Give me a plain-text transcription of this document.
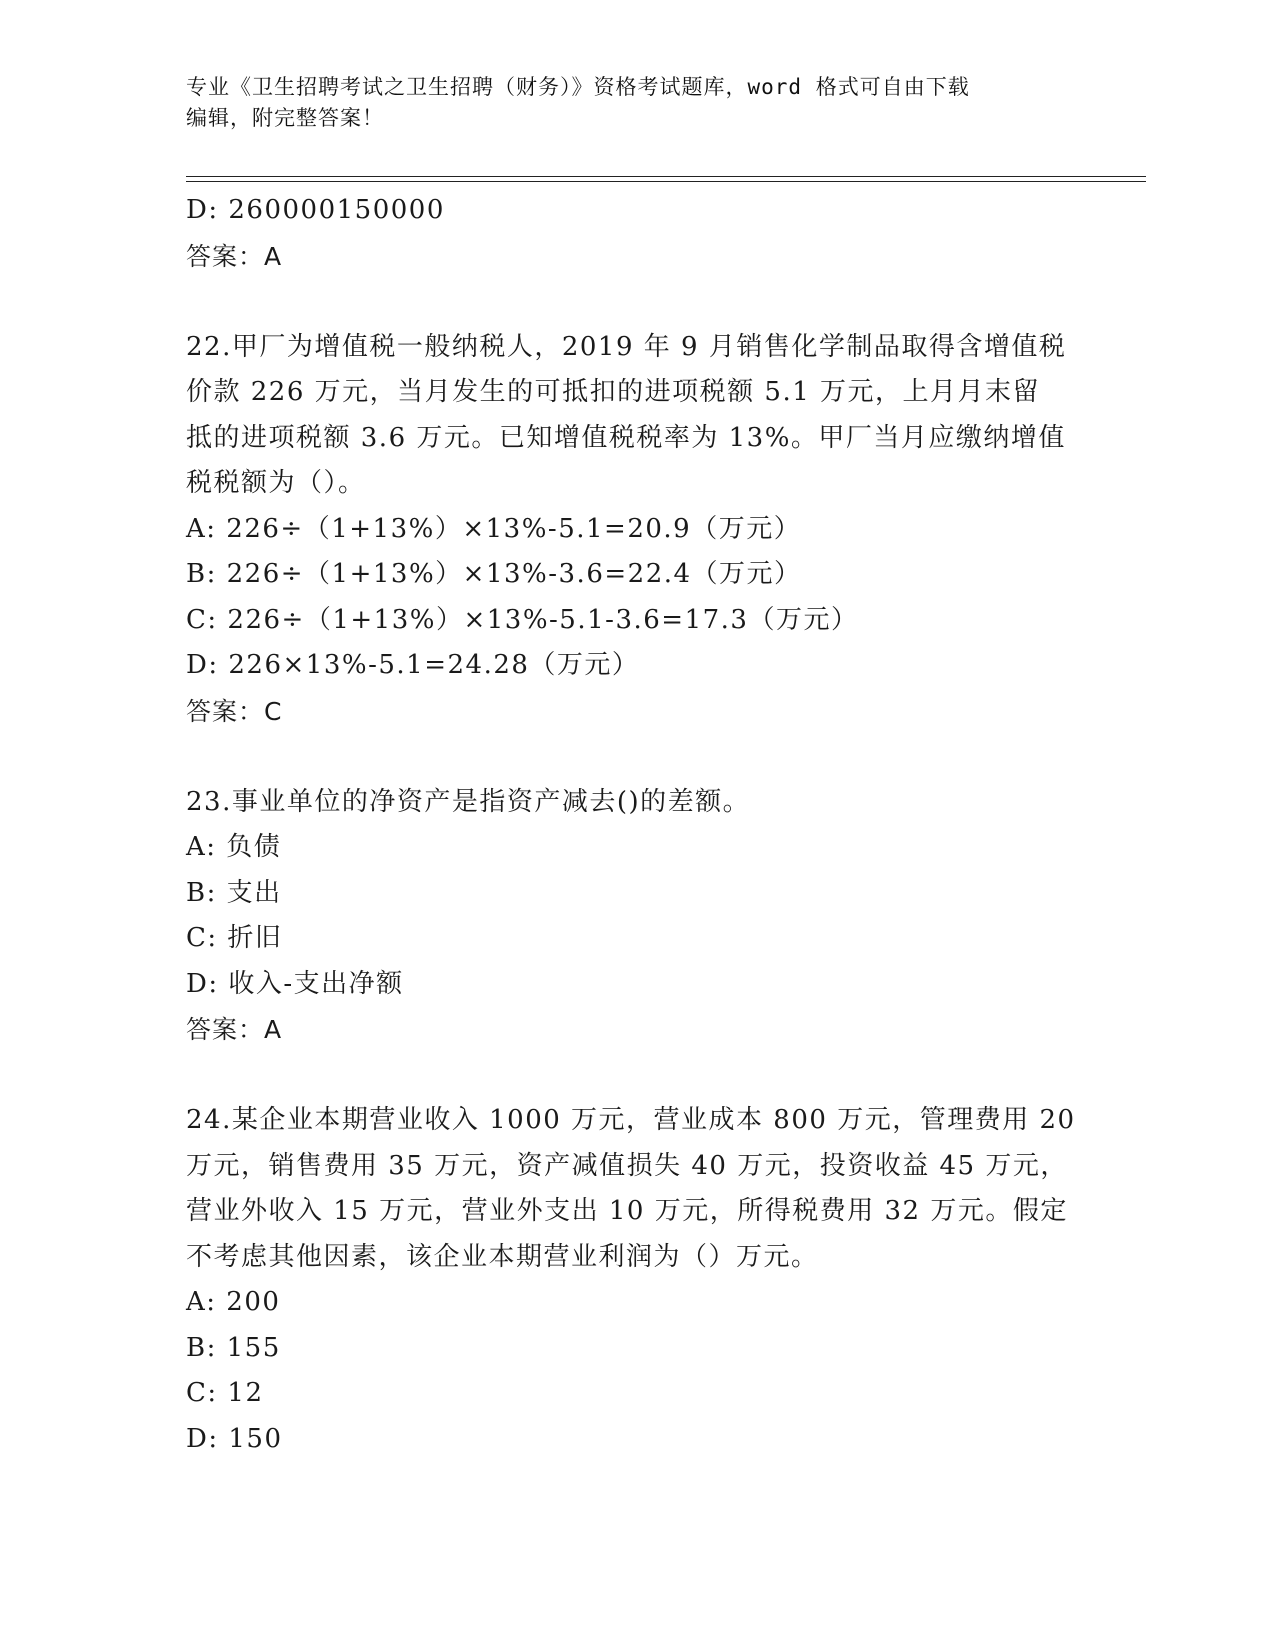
专业《卫生招聘考试之卫生招聘（财务）》资格考试题库，word 格式可自由下载
编辑，附完整答案！
D: 260000150000
答案：A
22.甲厂为增值税一般纳税人，2019 年 9 月销售化学制品取得含增值税
价款 226 万元，当月发生的可抵扣的进项税额 5.1 万元，上月月末留
抵的进项税额 3.6 万元。已知增值税税率为 13%。甲厂当月应缴纳增值
税税额为（）。
A: 226÷（1+13%）×13%-5.1=20.9（万元）
B: 226÷（1+13%）×13%-3.6=22.4（万元）
C: 226÷（1+13%）×13%-5.1-3.6=17.3（万元）
D: 226×13%-5.1=24.28（万元）
答案：C
23.事业单位的净资产是指资产减去()的差额。
A: 负债
B: 支出
C: 折旧
D: 收入-支出净额
答案：A
24.某企业本期营业收入 1000 万元，营业成本 800 万元，管理费用 20
万元，销售费用 35 万元，资产减值损失 40 万元，投资收益 45 万元，
营业外收入 15 万元，营业外支出 10 万元，所得税费用 32 万元。假定
不考虑其他因素，该企业本期营业利润为（）万元。
A: 200
B: 155
C: 12
D: 150
